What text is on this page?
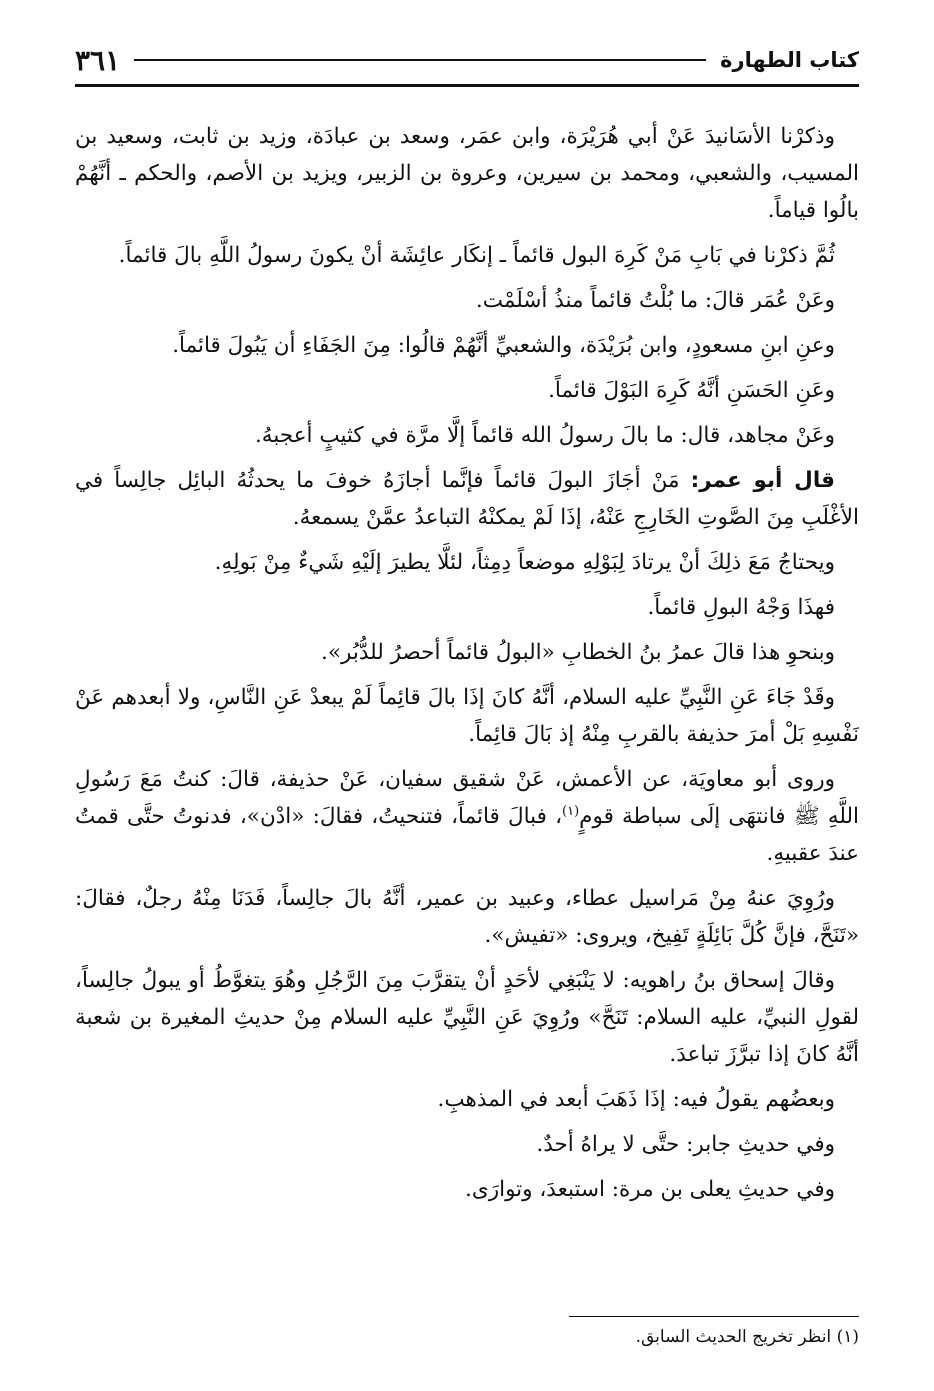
كتاب الطهارة
٣٦١

وذكرْنا الأسَانيدَ عَنْ أبي هُرَيْرَة، وابن عمَر، وسعد بن عبادَة، وزيد بن ثابت، وسعيد بن المسيب، والشعبي، ومحمد بن سيرين، وعروة بن الزبير، ويزيد بن الأصم، والحكم ـ أنَّهُمْ بالُوا قياماً.

ثُمَّ ذكرْنا في بَابِ مَنْ كَرِهَ البول قائماً ـ إنكَار عائِشَة أنْ يكونَ رسولُ اللَّهِ بالَ قائماً.

وعَنْ عُمَر قالَ: ما بُلْتُ قائماً منذُ أسْلَمْت.

وعنِ ابنِ مسعودٍ، وابن بُرَيْدَة، والشعبيِّ أنَّهُمْ قالُوا: مِنَ الجَفَاءِ أن يَبُولَ قائماً.

وعَنِ الحَسَنِ أنَّهُ كَرِهَ البَوْلَ قائماً.

وعَنْ مجاهد، قال: ما بالَ رسولُ الله قائماً إلَّا مرَّة في كثيبٍ أعجبهُ.

قال أبو عمر: مَنْ أجَازَ البولَ قائماً فإنَّما أجازَهُ خوفَ ما يحدثُهُ البائِل جالِساً في الأغْلَبِ مِنَ الصَّوتِ الخَارِجِ عَنْهُ، إذَا لَمْ يمكنْهُ التباعدُ عمَّنْ يسمعهُ.

ويحتاجُ مَعَ ذلِكَ أنْ يرتادَ لِبَوْلِهِ موضعاً دِمِثاً، لئلَّا يطيرَ إلَيْهِ شَيءٌ مِنْ بَولِهِ.

فهذَا وَجْهُ البولِ قائماً.

وبنحوِ هذا قالَ عمرُ بنُ الخطابِ «البولُ قائماً أحصرُ للدُّبُر».

وقَدْ جَاءَ عَنِ النَّبِيِّ عليه السلام، أنَّهُ كانَ إذَا بالَ قائِماً لَمْ يبعدْ عَنِ النَّاسِ، ولا أبعدهم عَنْ نَفْسِهِ بَلْ أمرَ حذيفة بالقربِ مِنْهُ إذ بَالَ قائِماً.

وروى أبو معاويَة، عن الأعمش، عَنْ شقيق سفيان، عَنْ حذيفة، قالَ: كنتُ مَعَ رَسُولِ اللَّهِ ﷺ فانتهَى إلَى سباطة قومٍ$^{(١)}$، فبالَ قائماً، فتنحيتُ، فقالَ: «ادْن»، فدنوتُ حتَّى قمتُ عندَ عقبيهِ.

ورُوِيَ عنهُ مِنْ مَراسيل عطاء، وعبيد بن عمير، أنَّهُ بالَ جالِساً، فَدَنَا مِنْهُ رجلٌ، فقالَ: «تَنَحَّ، فإنَّ كُلَّ بَائِلَةٍ تَفِيخ، ويروى: «تفيش».

وقالَ إسحاق بنُ راهويه: لا يَنْبَغِي لأحَدٍ أنْ يتقرَّبَ مِنَ الرَّجُلِ وهُوَ يتغوَّطُ أو يبولُ جالِساً، لقولِ النبيِّ، عليه السلام: تَنَحَّ» ورُوِيَ عَنِ النَّبِيِّ عليه السلام مِنْ حديثِ المغيرة بن شعبة أنَّهُ كانَ إذا تبرَّزَ تباعدَ.

وبعضُهم يقولُ فيه: إذَا ذَهَبَ أبعد في المذهبِ.

وفي حديثِ جابر: حتَّى لا يراهُ أحدٌ.

وفي حديثِ يعلى بن مرة: استبعدَ، وتوارَى.

(١) انظر تخريج الحديث السابق.
